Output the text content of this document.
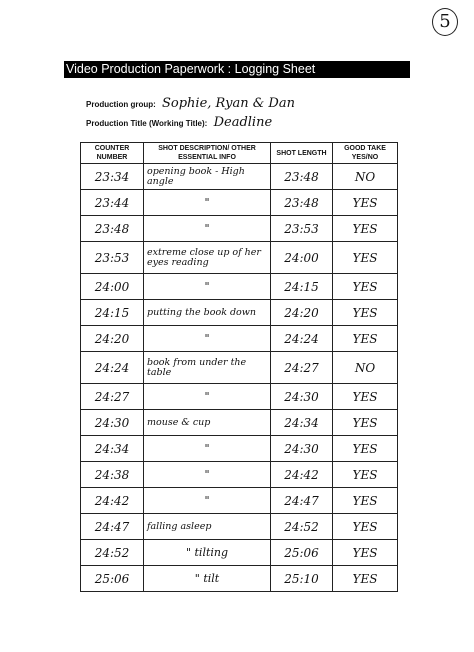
5
Video Production Paperwork : Logging Sheet
Production group: Sophie, Ryan & Dan
Production Title (Working Title): Deadline
COUNTER NUMBER	SHOT DESCRIPTION/ OTHER ESSENTIAL INFO	SHOT LENGTH	GOOD TAKE YES/NO
23:34	opening book - High angle	23:48	NO
23:44	"	23:48	YES
23:48	"	23:53	YES
23:53	extreme close up of her eyes reading	24:00	YES
24:00	"	24:15	YES
24:15	putting the book down	24:20	YES
24:20	"	24:24	YES
24:24	book from under the table	24:27	NO
24:27	"	24:30	YES
24:30	mouse & cup	24:34	YES
24:34	"	24:30	YES
24:38	"	24:42	YES
24:42	"	24:47	YES
24:47	falling asleep	24:52	YES
24:52	" tilting	25:06	YES
25:06	" tilt	25:10	YES
